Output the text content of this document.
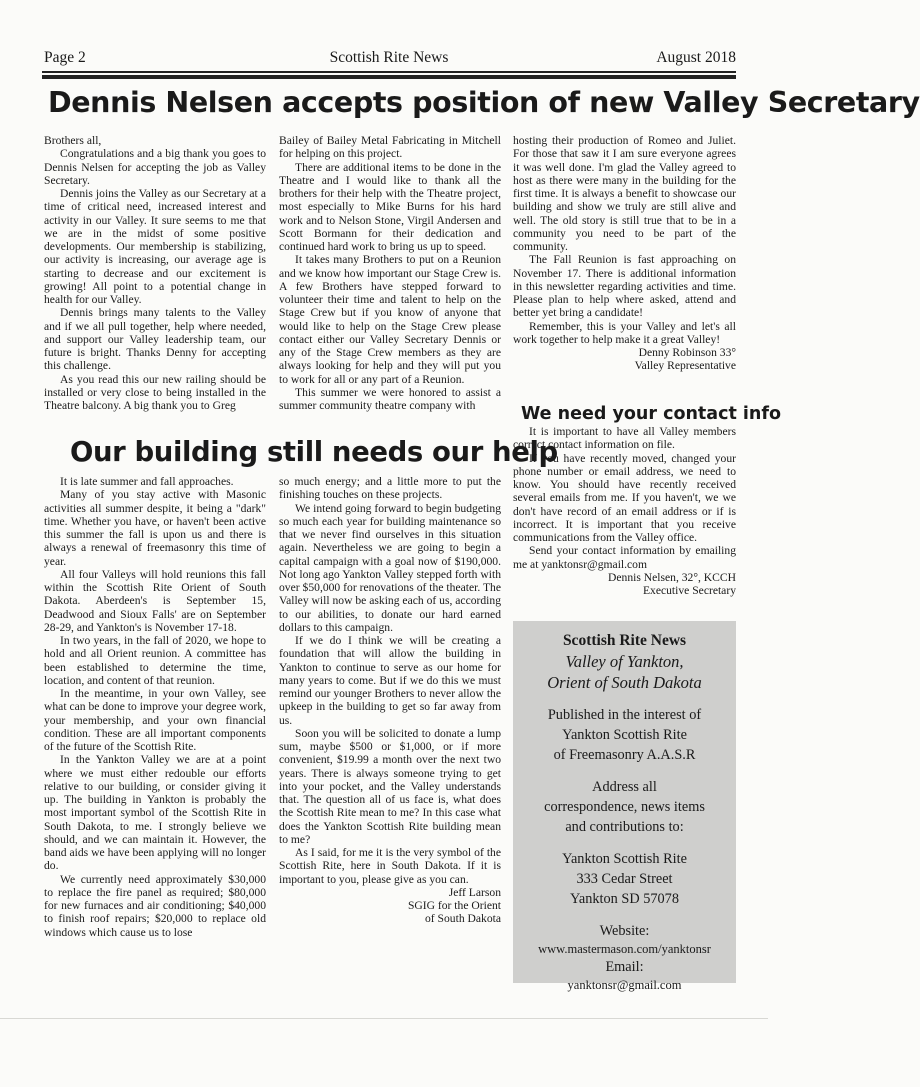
Page 2	Scottish Rite News	August 2018
Dennis Nelsen accepts position of new Valley Secretary

Brothers all,

Congratulations and a big thank you goes to Dennis Nelsen for accepting the job as Valley Secretary.

Dennis joins the Valley as our Secretary at a time of critical need, increased interest and activity in our Valley. It sure seems to me that we are in the midst of some positive developments. Our membership is stabilizing, our activity is increasing, our average age is starting to decrease and our excitement is growing! All point to a potential change in health for our Valley.

Dennis brings many talents to the Valley and if we all pull together, help where needed, and support our Valley leadership team, our future is bright. Thanks Denny for accepting this challenge.

As you read this our new railing should be installed or very close to being installed in the Theatre balcony. A big thank you to Greg

Bailey of Bailey Metal Fabricating in Mitchell for helping on this project.

There are additional items to be done in the Theatre and I would like to thank all the brothers for their help with the Theatre project, most especially to Mike Burns for his hard work and to Nelson Stone, Virgil Andersen and Scott Bormann for their dedication and continued hard work to bring us up to speed.

It takes many Brothers to put on a Reunion and we know how important our Stage Crew is. A few Brothers have stepped forward to volunteer their time and talent to help on the Stage Crew but if you know of anyone that would like to help on the Stage Crew please contact either our Valley Secretary Dennis or any of the Stage Crew members as they are always looking for help and they will put you to work for all or any part of a Reunion.

This summer we were honored to assist a summer community theatre company with

hosting their production of Romeo and Juliet. For those that saw it I am sure everyone agrees it was well done. I'm glad the Valley agreed to host as there were many in the building for the first time. It is always a benefit to showcase our building and show we truly are still alive and well. The old story is still true that to be in a community you need to be part of the community.

The Fall Reunion is fast approaching on November 17. There is additional information in this newsletter regarding activities and time. Please plan to help where asked, attend and better yet bring a candidate!

Remember, this is your Valley and let's all work together to help make it a great Valley!

Denny Robinson 33°

Valley Representative

We need your contact info
Our building still needs our help

It is late summer and fall approaches.

Many of you stay active with Masonic activities all summer despite, it being a "dark" time. Whether you have, or haven't been active this summer the fall is upon us and there is always a renewal of freemasonry this time of year.

All four Valleys will hold reunions this fall within the Scottish Rite Orient of South Dakota. Aberdeen's is September 15, Deadwood and Sioux Falls' are on September 28-29, and Yankton's is November 17-18.

In two years, in the fall of 2020, we hope to hold and all Orient reunion. A committee has been established to determine the time, location, and content of that reunion.

In the meantime, in your own Valley, see what can be done to improve your degree work, your membership, and your own financial condition. These are all important components of the future of the Scottish Rite.

In the Yankton Valley we are at a point where we must either redouble our efforts relative to our building, or consider giving it up. The building in Yankton is probably the most important symbol of the Scottish Rite in South Dakota, to me. I strongly believe we should, and we can maintain it. However, the band aids we have been applying will no longer do.

We currently need approximately $30,000 to replace the fire panel as required; $80,000 for new furnaces and air conditioning; $40,000 to finish roof repairs; $20,000 to replace old windows which cause us to lose

so much energy; and a little more to put the finishing touches on these projects.

We intend going forward to begin budgeting so much each year for building maintenance so that we never find ourselves in this situation again. Nevertheless we are going to begin a capital campaign with a goal now of $190,000. Not long ago Yankton Valley stepped forth with over $50,000 for renovations of the theater. The Valley will now be asking each of us, according to our abilities, to donate our hard earned dollars to this campaign.

If we do I think we will be creating a foundation that will allow the building in Yankton to continue to serve as our home for many years to come. But if we do this we must remind our younger Brothers to never allow the upkeep in the building to get so far away from us.

Soon you will be solicited to donate a lump sum, maybe $500 or $1,000, or if more convenient, $19.99 a month over the next two years. There is always someone trying to get into your pocket, and the Valley understands that. The question all of us face is, what does the Scottish Rite mean to me? In this case what does the Yankton Scottish Rite building mean to me?

As I said, for me it is the very symbol of the Scottish Rite, here in South Dakota. If it is important to you, please give as you can.

Jeff Larson

SGIG for the Orient

of South Dakota

It is important to have all Valley members correct contact information on file.

If you have recently moved, changed your phone number or email address, we need to know. You should have recently received several emails from me. If you haven't, we we don't have record of an email address or if is incorrect. It is important that you receive communications from the Valley office.

Send your contact information by emailing me at yanktonsr@gmail.com

Dennis Nelsen, 32°, KCCH

Executive Secretary

Scottish Rite News
Valley of Yankton,
Orient of South Dakota
Published in the interest of
Yankton Scottish Rite
of Freemasonry A.A.S.R
Address all
correspondence, news items
and contributions to:
Yankton Scottish Rite
333 Cedar Street
Yankton SD 57078
Website:
www.mastermason.com/yanktonsr
Email:
yanktonsr@gmail.com
